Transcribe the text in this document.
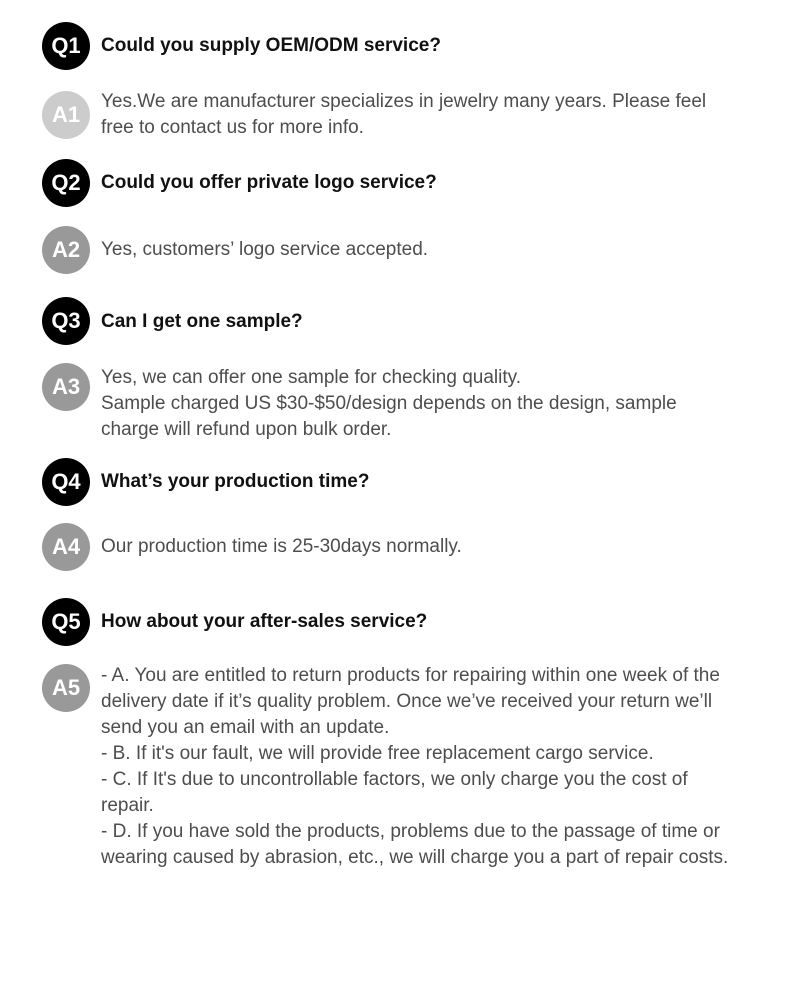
Q1	Could you supply OEM/ODM service?
A1
Yes.We are manufacturer specializes in jewelry many years. Please feel
free to contact us for more info.
Q2	Could you offer private logo service?
A2	Yes, customers’ logo service accepted.
Q3	Can I get one sample?
A3	Yes, we can offer one sample for checking quality.
Sample charged US $30-$50/design depends on the design, sample
charge will refund upon bulk order.
Q4	What’s your production time?
A4	Our production time is 25-30days normally.
Q5	How about your after-sales service?
A5	- A. You are entitled to return products for repairing within one week of the
delivery date if it’s quality problem. Once we’ve received your return we’ll
send you an email with an update.
- B. If it's our fault, we will provide free replacement cargo service.
- C. If It's due to uncontrollable factors, we only charge you the cost of
repair.
- D. If you have sold the products, problems due to the passage of time or
wearing caused by abrasion, etc., we will charge you a part of repair costs.
